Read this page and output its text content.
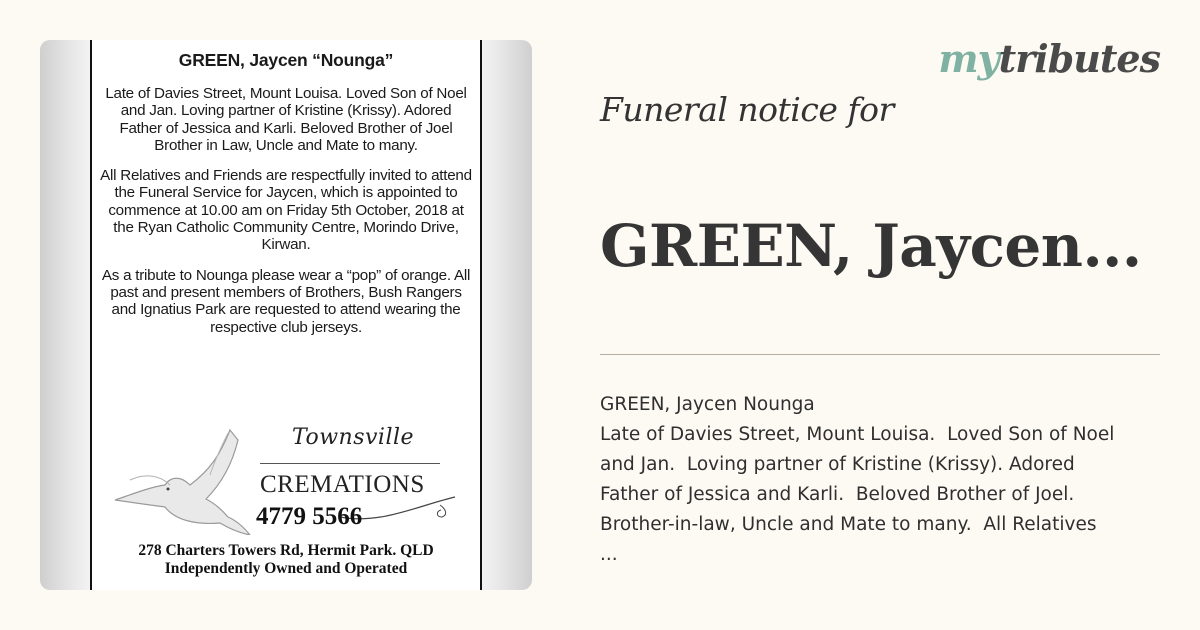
GREEN, Jaycen “Nounga”

Late of Davies Street, Mount Louisa. Loved Son of Noel and Jan. Loving partner of Kristine (Krissy). Adored Father of Jessica and Karli. Beloved Brother of Joel Brother in Law, Uncle and Mate to many.

All Relatives and Friends are respectfully invited to attend the Funeral Service for Jaycen, which is appointed to commence at 10.00 am on Friday 5th October, 2018 at the Ryan Catholic Community Centre, Morindo Drive, Kirwan.

As a tribute to Nounga please wear a “pop” of orange. All past and present members of Brothers, Bush Rangers and Ignatius Park are requested to attend wearing the respective club jerseys.

Townsville
CREMATIONS
4779 5566
278 Charters Towers Rd, Hermit Park. QLD
Independently Owned and Operated
mytributes
Funeral notice for
GREEN, Jaycen...
GREEN, Jaycen Nounga
Late of Davies Street, Mount Louisa.  Loved Son of Noel
and Jan.  Loving partner of Kristine (Krissy). Adored
Father of Jessica and Karli.  Beloved Brother of Joel.
Brother-in-law, Uncle and Mate to many.  All Relatives
...
